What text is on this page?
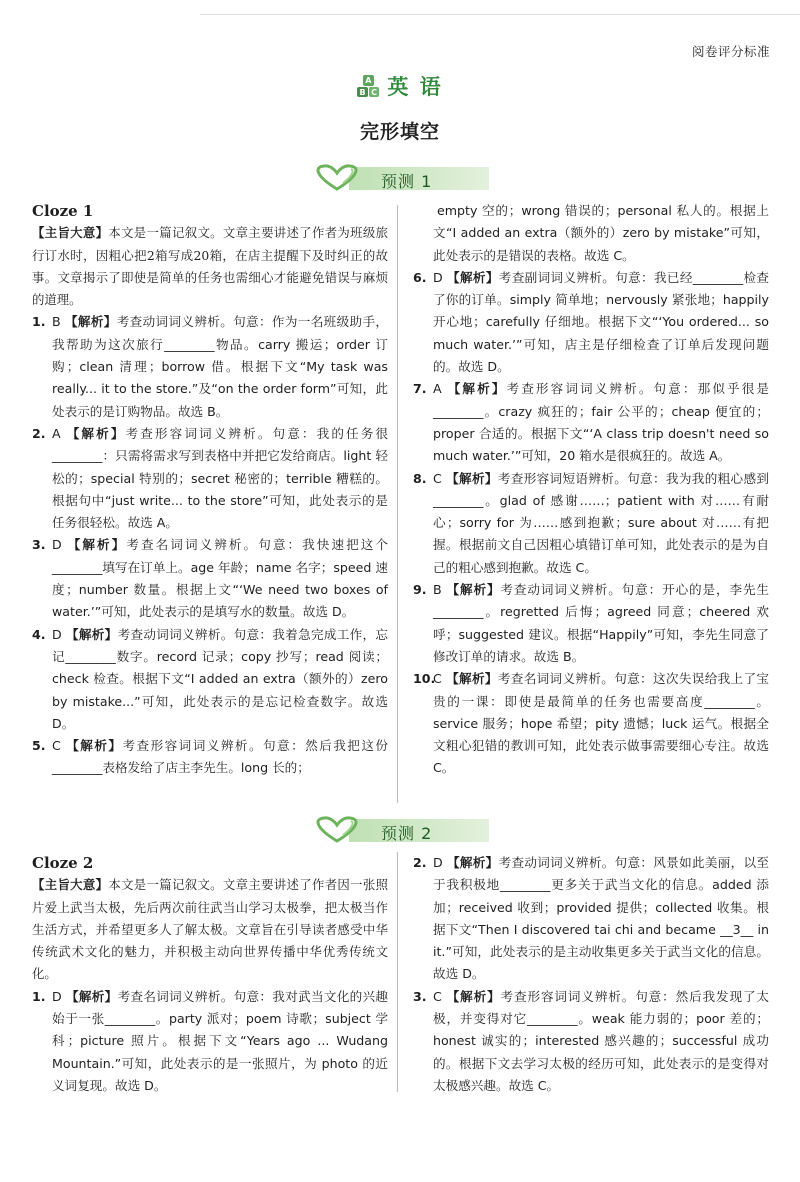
阅卷评分标准
A
B C 英 语
完形填空
预测 1

Cloze 1

【主旨大意】本文是一篇记叙文。文章主要讲述了作者为班级旅行订水时，因粗心把2箱写成20箱，在店主提醒下及时纠正的故事。文章揭示了即使是简单的任务也需细心才能避免错误与麻烦的道理。

1. B 【解析】考查动词词义辨析。句意：作为一名班级助手，我帮助为这次旅行________物品。carry 搬运；order 订购；clean 清理；borrow 借。根据下文“My task was really... it to the store.”及“on the order form”可知，此处表示的是订购物品。故选 B。
2. A 【解析】考查形容词词义辨析。句意：我的任务很________：只需将需求写到表格中并把它发给商店。light 轻松的；special 特别的；secret 秘密的；terrible 糟糕的。根据句中“just write... to the store”可知，此处表示的是任务很轻松。故选 A。
3. D 【解析】考查名词词义辨析。句意：我快速把这个________填写在订单上。age 年龄；name 名字；speed 速度；number 数量。根据上文“‘We need two boxes of water.’”可知，此处表示的是填写水的数量。故选 D。
4. D 【解析】考查动词词义辨析。句意：我着急完成工作，忘记________数字。record 记录；copy 抄写；read 阅读；check 检查。根据下文“I added an extra（额外的）zero by mistake...”可知，此处表示的是忘记检查数字。故选 D。
5. C 【解析】考查形容词词义辨析。句意：然后我把这份________表格发给了店主李先生。long 长的；
empty 空的；wrong 错误的；personal 私人的。根据上文“I added an extra（额外的）zero by mistake”可知，此处表示的是错误的表格。故选 C。
6. D 【解析】考查副词词义辨析。句意：我已经________检查了你的订单。simply 简单地；nervously 紧张地；happily 开心地；carefully 仔细地。根据下文“‘You ordered... so much water.’”可知，店主是仔细检查了订单后发现问题的。故选 D。
7. A 【解析】考查形容词词义辨析。句意：那似乎很是________。crazy 疯狂的；fair 公平的；cheap 便宜的；proper 合适的。根据下文“‘A class trip doesn't need so much water.’”可知，20 箱水是很疯狂的。故选 A。
8. C 【解析】考查形容词短语辨析。句意：我为我的粗心感到________。glad of 感谢……；patient with 对……有耐心；sorry for 为……感到抱歉；sure about 对……有把握。根据前文自己因粗心填错订单可知，此处表示的是为自己的粗心感到抱歉。故选 C。
9. B 【解析】考查动词词义辨析。句意：开心的是，李先生________。regretted 后悔；agreed 同意；cheered 欢呼；suggested 建议。根据“Happily”可知，李先生同意了修改订单的请求。故选 B。
10.
C 【解析】考查名词词义辨析。句意：这次失误给我上了宝贵的一课：即使是最简单的任务也需要高度________。service 服务；hope 希望；pity 遗憾；luck 运气。根据全文粗心犯错的教训可知，此处表示做事需要细心专注。故选 C。
预测 2

Cloze 2

【主旨大意】本文是一篇记叙文。文章主要讲述了作者因一张照片爱上武当太极，先后两次前往武当山学习太极拳，把太极当作生活方式，并希望更多人了解太极。文章旨在引导读者感受中华传统武术文化的魅力，并积极主动向世界传播中华优秀传统文化。

1. D 【解析】考查名词词义辨析。句意：我对武当文化的兴趣始于一张________。party 派对；poem 诗歌；subject 学科；picture 照片。根据下文“Years ago ... Wudang Mountain.”可知，此处表示的是一张照片，为 photo 的近义词复现。故选 D。
2. D 【解析】考查动词词义辨析。句意：风景如此美丽，以至于我积极地________更多关于武当文化的信息。added 添加；received 收到；provided 提供；collected 收集。根据下文“Then I discovered tai chi and became __3__ in it.”可知，此处表示的是主动收集更多关于武当文化的信息。故选 D。
3. C 【解析】考查形容词词义辨析。句意：然后我发现了太极，并变得对它________。weak 能力弱的；poor 差的；honest 诚实的；interested 感兴趣的；successful 成功的。根据下文去学习太极的经历可知，此处表示的是变得对太极感兴趣。故选 C。
